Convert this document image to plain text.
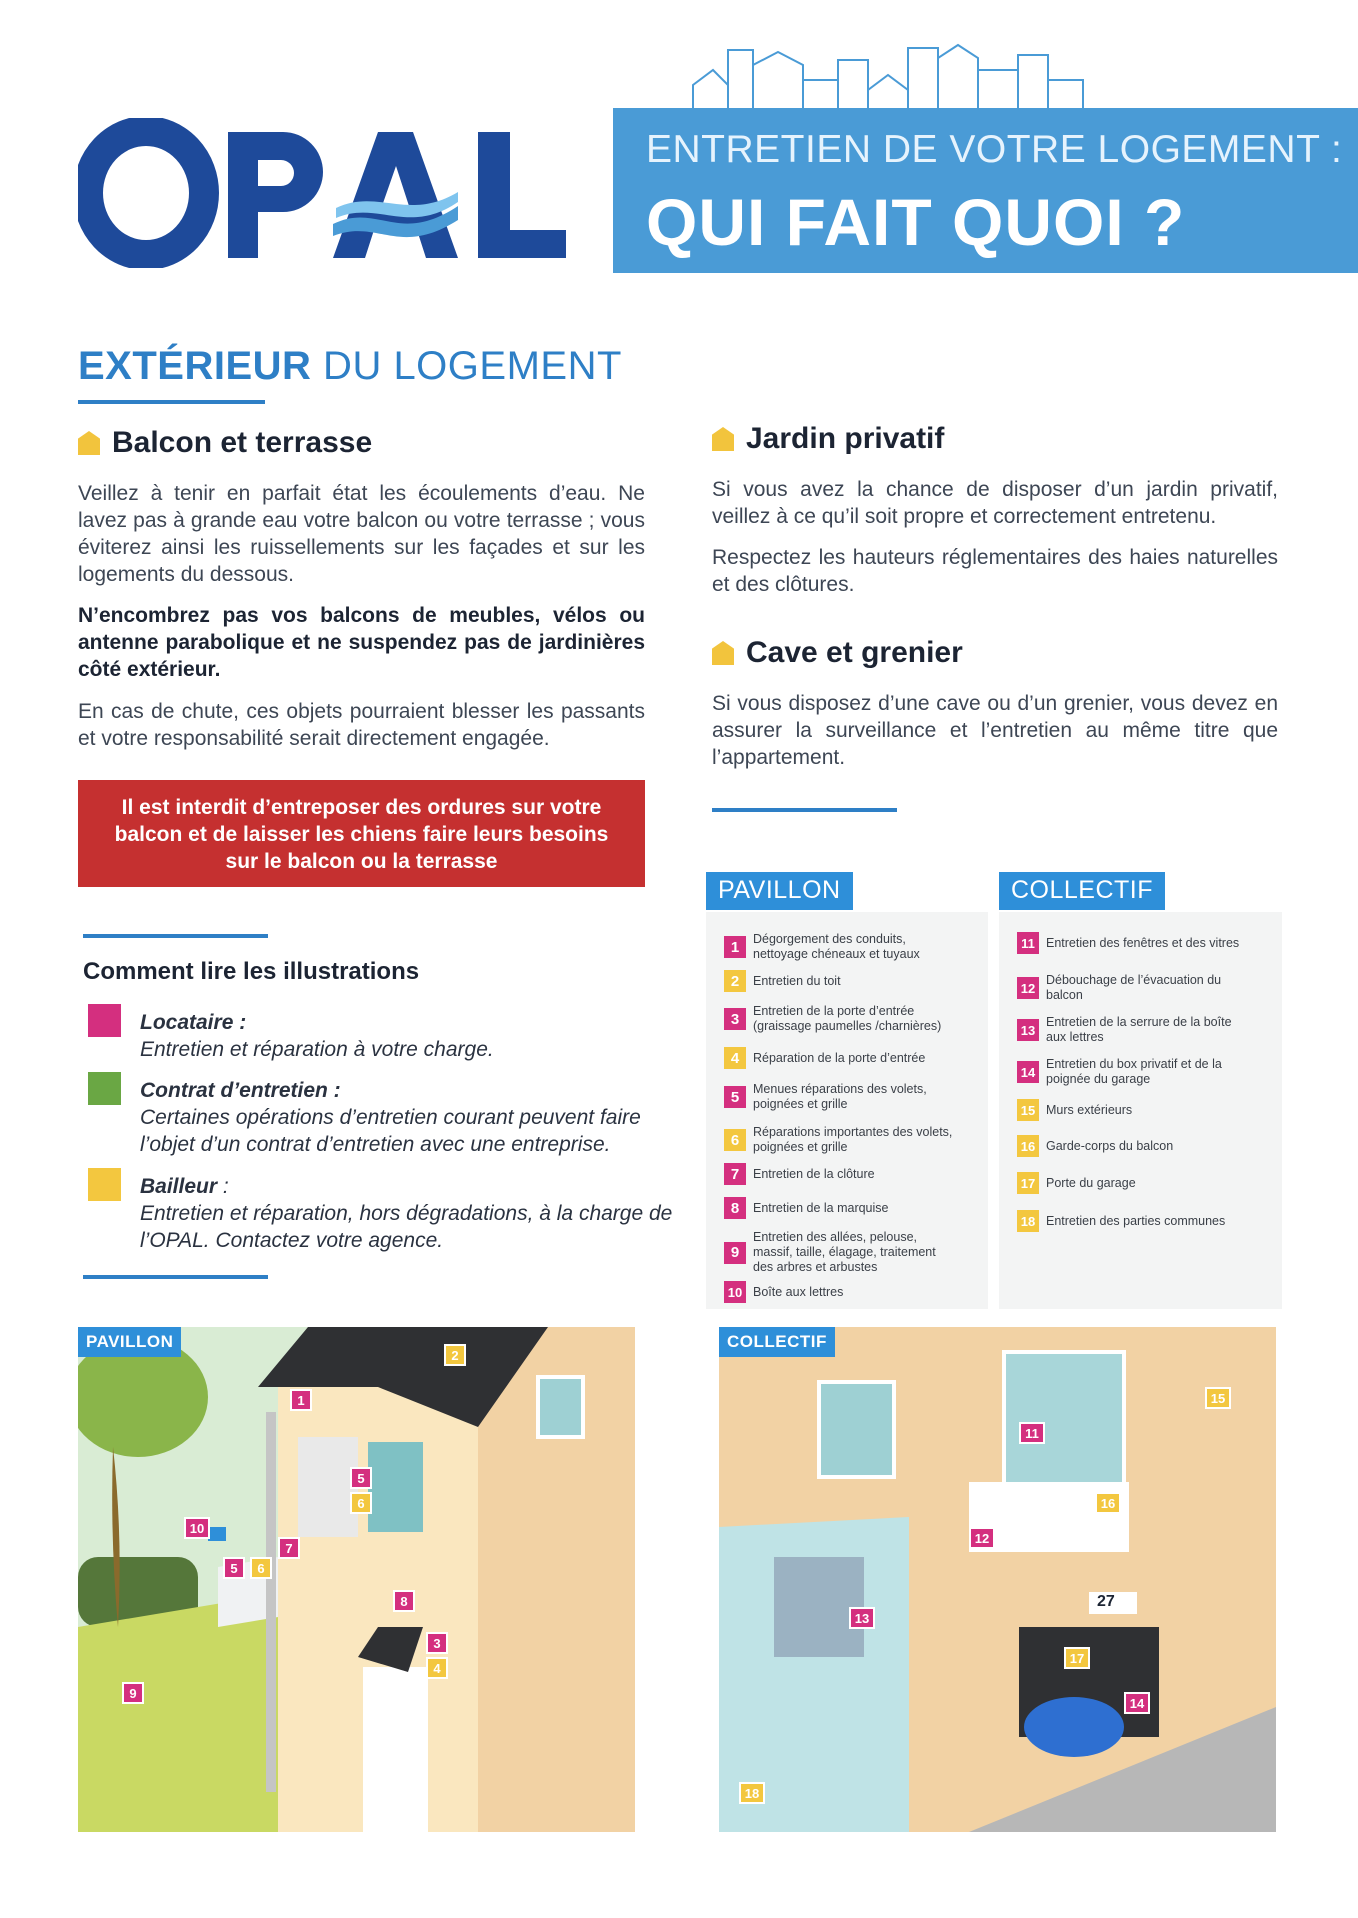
ENTRETIEN DE VOTRE LOGEMENT :
QUI FAIT QUOI ?
EXTÉRIEUR DU LOGEMENT
Balcon et terrasse
Veillez à tenir en parfait état les écoulements d’eau. Ne lavez pas à grande eau votre balcon ou votre terrasse ; vous éviterez ainsi les ruissellements sur les façades et sur les logements du dessous.
N’encombrez pas vos balcons de meubles, vélos ou antenne parabolique et ne suspendez pas de jardinières côté extérieur.
En cas de chute, ces objets pourraient blesser les passants et votre responsabilité serait directement engagée.
Il est interdit d’entreposer des ordures sur votre balcon et de laisser les chiens faire leurs besoins sur le balcon ou la terrasse
Jardin privatif
Si vous avez la chance de disposer d’un jardin privatif, veillez à ce qu’il soit propre et correctement entretenu.
Respectez les hauteurs réglementaires des haies naturelles et des clôtures.
Cave et grenier
Si vous disposez d’une cave ou d’un grenier, vous devez en assurer la surveillance et l’entretien au même titre que l’appartement.
Comment lire les illustrations
Locataire :
Entretien et réparation à votre charge.
Contrat d’entretien :
Certaines opérations d’entretien courant peuvent faire l’objet d’un contrat d’entretien avec une entreprise.
Bailleur :
Entretien et réparation, hors dégradations, à la charge de l’OPAL. Contactez votre agence.
PAVILLON
1	Dégorgement des conduits, nettoyage chéneaux et tuyaux
2	Entretien du toit
3	Entretien de la porte d’entrée (graissage paumelles /charnières)
4	Réparation de la porte d’entrée
5	Menues réparations des volets, poignées et grille
6	Réparations importantes des volets, poignées et grille
7	Entretien de la clôture
8	Entretien de la marquise
9
Entretien des allées, pelouse, massif, taille, élagage, traitement des arbres et arbustes
10 Boîte aux lettres
COLLECTIF
11 Entretien des fenêtres et des vitres
12
Débouchage de l’évacuation du balcon
13
Entretien de la serrure de la boîte aux lettres
14
Entretien du box privatif et de la poignée du garage
15 Murs extérieurs
16 Garde-corps du balcon
17 Porte du garage
18 Entretien des parties communes
PAVILLON
1
2
3
4
5
6
5	6
7
8
9
10
COLLECTIF
27
11
12
13
14
15
16
17
18
